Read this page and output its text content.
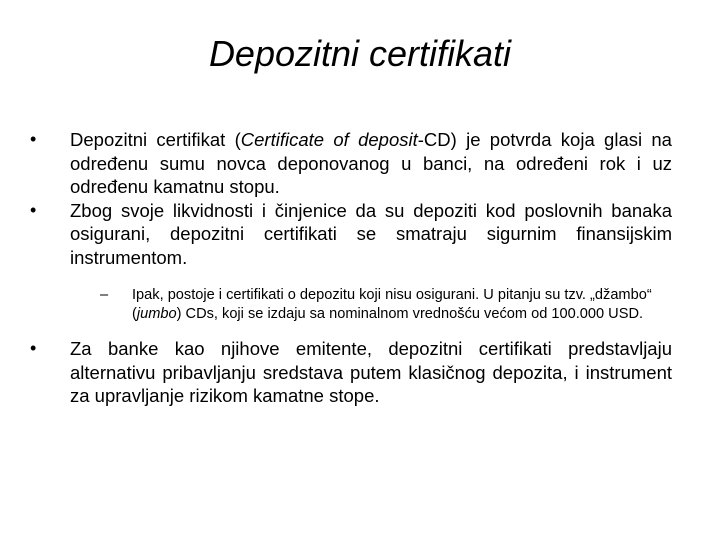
Depozitni certifikati

•	Depozitni certifikat (Certificate of deposit-CD) je potvrda koja glasi na određenu sumu novca deponovanog u banci, na određeni rok i uz određenu kamatnu stopu.

•	Zbog svoje likvidnosti i činjenice da su depoziti kod poslovnih banaka osigurani, depozitni certifikati se smatraju sigurnim finansijskim instrumentom.

– Ipak, postoje i certifikati o depozitu koji nisu osigurani. U pitanju su tzv. „džambo“ (jumbo) CDs, koji se izdaju sa nominalnom vrednošću većom od 100.000 USD.

•	Za banke kao njihove emitente, depozitni certifikati predstavljaju alternativu pribavljanju sredstava putem klasičnog depozita, i instrument za upravljanje rizikom kamatne stope.
